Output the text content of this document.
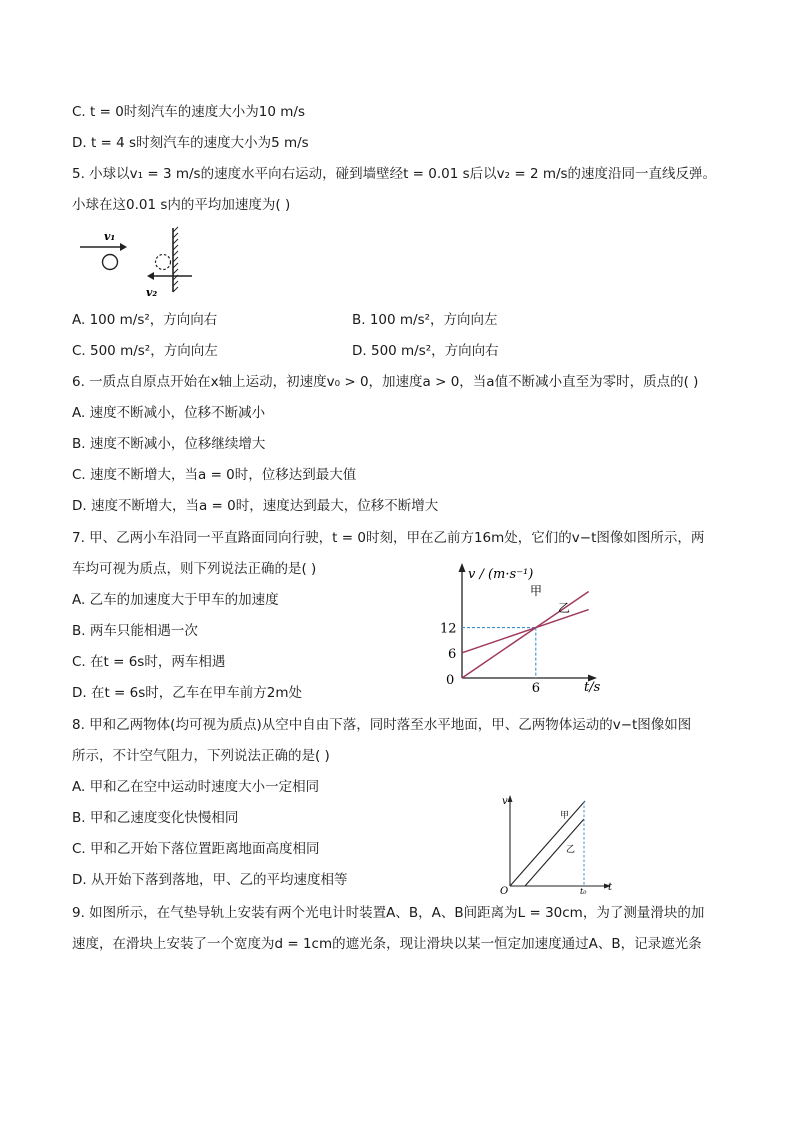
C. t = 0时刻汽车的速度大小为10 m/s
D. t = 4 s时刻汽车的速度大小为5 m/s
5. 小球以v₁ = 3 m/s的速度水平向右运动，碰到墙壁经t = 0.01 s后以v₂ = 2 m/s的速度沿同一直线反弹。
小球在这0.01 s内的平均加速度为( )
v₁
v₂
A. 100 m/s²，方向向右	B. 100 m/s²，方向向左
C. 500 m/s²，方向向左	D. 500 m/s²，方向向右
6. 一质点自原点开始在x轴上运动，初速度v₀ > 0，加速度a > 0，当a值不断减小直至为零时，质点的( )
A. 速度不断减小，位移不断减小
B. 速度不断减小，位移继续增大
C. 速度不断增大，当a = 0时，位移达到最大值
D. 速度不断增大，当a = 0时，速度达到最大，位移不断增大
7. 甲、乙两小车沿同一平直路面同向行驶，t = 0时刻，甲在乙前方16m处，它们的v−t图像如图所示，两
车均可视为质点，则下列说法正确的是( )
A. 乙车的加速度大于甲车的加速度
B. 两车只能相遇一次
C. 在t = 6s时，两车相遇
D. 在t = 6s时，乙车在甲车前方2m处
v / (m·s⁻¹)
t/s
0
12
6
6
甲
乙
8. 甲和乙两物体(均可视为质点)从空中自由下落，同时落至水平地面，甲、乙两物体运动的v−t图像如图
所示，不计空气阻力，下列说法正确的是( )
A. 甲和乙在空中运动时速度大小一定相同
B. 甲和乙速度变化快慢相同
C. 甲和乙开始下落位置距离地面高度相同
D. 从开始下落到落地，甲、乙的平均速度相等
v
t
O	t₀
甲
乙
9. 如图所示，在气垫导轨上安装有两个光电计时装置A、B，A、B间距离为L = 30cm，为了测量滑块的加
速度，在滑块上安装了一个宽度为d = 1cm的遮光条，现让滑块以某一恒定加速度通过A、B，记录遮光条
